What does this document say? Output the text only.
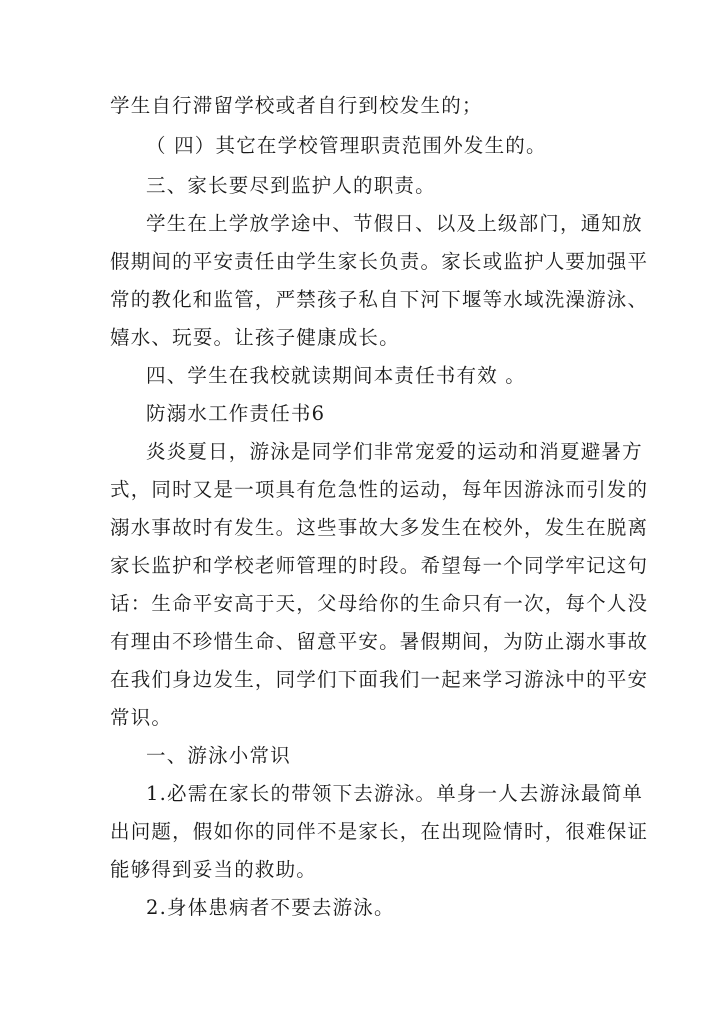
学生自行滞留学校或者自行到校发生的；
（ 四）其它在学校管理职责范围外发生的。
三、家长要尽到监护人的职责。
学生在上学放学途中、节假日、以及上级部门，通知放
假期间的平安责任由学生家长负责。家长或监护人要加强平
常的教化和监管，严禁孩子私自下河下堰等水域洗澡游泳、
嬉水、玩耍。让孩子健康成长。
四、学生在我校就读期间本责任书有效 。
防溺水工作责任书6
炎炎夏日，游泳是同学们非常宠爱的运动和消夏避暑方
式，同时又是一项具有危急性的运动，每年因游泳而引发的
溺水事故时有发生。这些事故大多发生在校外，发生在脱离
家长监护和学校老师管理的时段。希望每一个同学牢记这句
话：生命平安高于天，父母给你的生命只有一次，每个人没
有理由不珍惜生命、留意平安。暑假期间，为防止溺水事故
在我们身边发生，同学们下面我们一起来学习游泳中的平安
常识。
一、游泳小常识
1.必需在家长的带领下去游泳。单身一人去游泳最简单
出问题，假如你的同伴不是家长，在出现险情时，很难保证
能够得到妥当的救助。
2.身体患病者不要去游泳。
